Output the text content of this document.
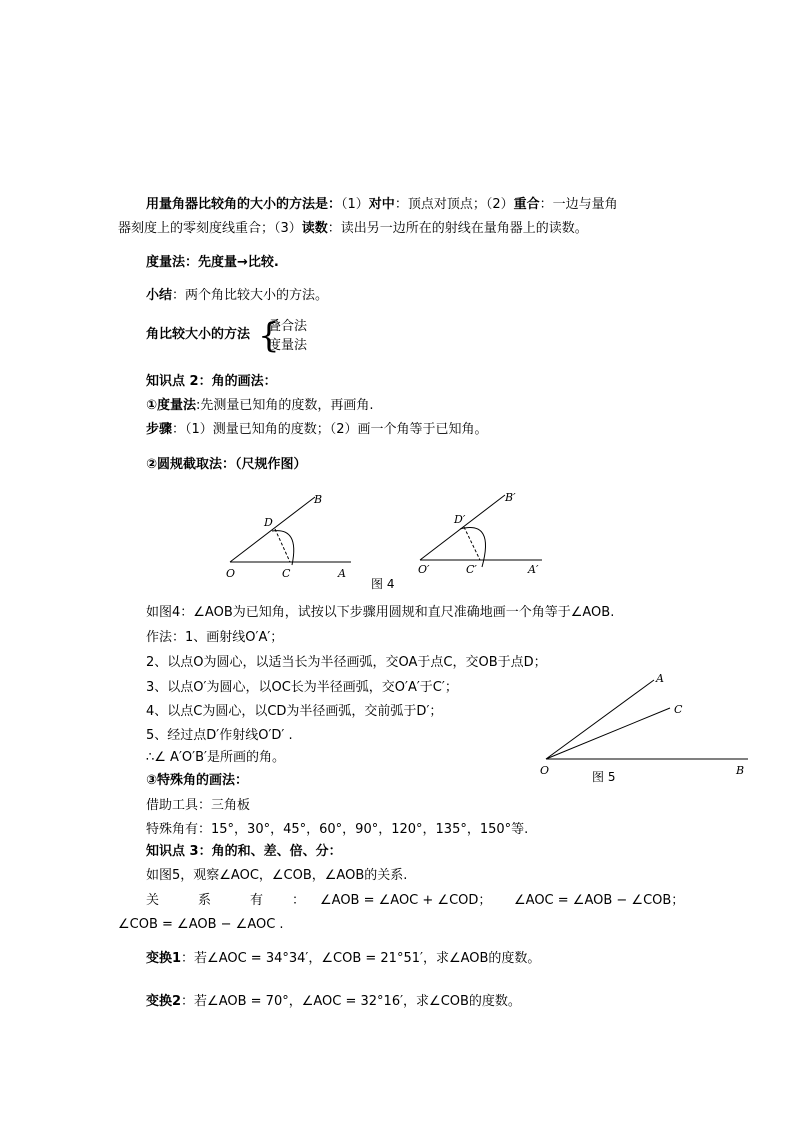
用量角器比较角的大小的方法是：（1）对中：顶点对顶点；（2）重合：一边与量角
器刻度上的零刻度线重合；（3）读数：读出另一边所在的射线在量角器上的读数。
度量法：先度量→比较.
小结：两个角比较大小的方法。
角比较大小的方法 {
叠合法
度量法
知识点 2：角的画法：
①度量法:先测量已知角的度数，再画角.
步骤：（1）测量已知角的度数；（2）画一个角等于已知角。
②圆规截取法：（尺规作图）
O	C	A
D
B
O′	C′	A′
D′
B′
图 4
如图4：∠AOB为已知角，试按以下步骤用圆规和直尺准确地画一个角等于∠AOB.
作法：1、画射线O′A′；
2、以点O为圆心，以适当长为半径画弧，交OA于点C，交OB于点D；
3、以点O′为圆心，以OC长为半径画弧，交O′A′于C′；
4、以点C为圆心，以CD为半径画弧，交前弧于D′；
5、经过点D′作射线O′D′ .
∴∠ A′O′B′是所画的角。
O
A
C
B
图 5
③特殊角的画法：
借助工具：三角板
特殊角有：15°，30°，45°，60°，90°，120°，135°，150°等.
知识点 3：角的和、差、倍、分：
如图5，观察∠AOC，∠COB，∠AOB的关系.
关	系	有 ： ∠AOB = ∠AOC + ∠COD； ∠AOC = ∠AOB − ∠COB；
∠COB = ∠AOB − ∠AOC .
变换1：若∠AOC = 34°34′，∠COB = 21°51′，求∠AOB的度数。
变换2：若∠AOB = 70°，∠AOC = 32°16′，求∠COB的度数。
